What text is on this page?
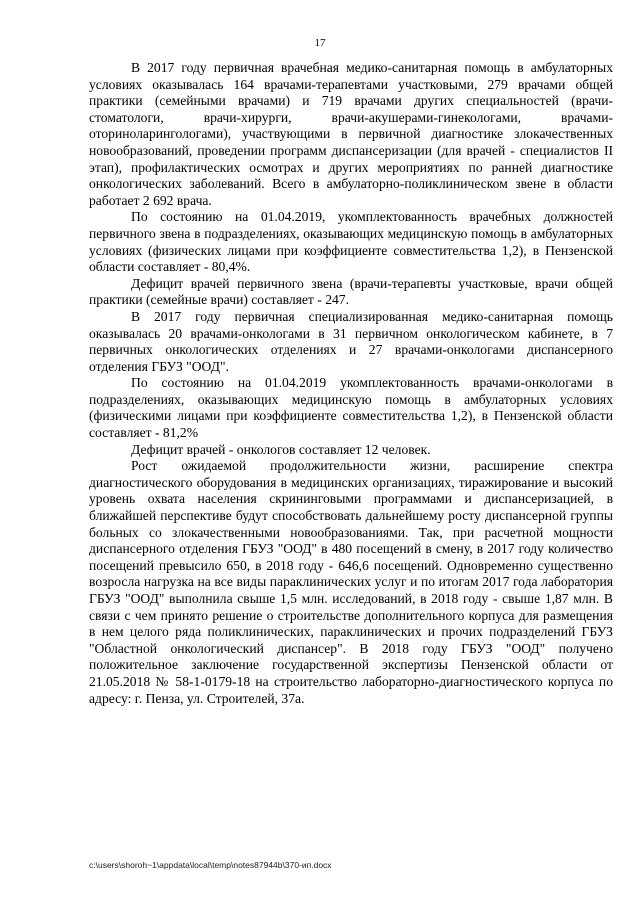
17

В 2017 году первичная врачебная медико-санитарная помощь в амбулаторных условиях оказывалась 164 врачами-терапевтами участковыми, 279 врачами общей практики (семейными врачами) и 719 врачами других специальностей (врачи-стоматологи, врачи-хирурги, врачи-акушерами-гинекологами, врачами- оториноларингологами), участвующими в первичной диагностике злокачественных новообразований, проведении программ диспансеризации (для врачей - специалистов II этап), профилактических осмотрах и других мероприятиях по ранней диагностике онкологических заболеваний. Всего в амбулаторно-поликлиническом звене в области работает 2 692 врача.

По состоянию на 01.04.2019, укомплектованность врачебных должностей первичного звена в подразделениях, оказывающих медицинскую помощь в амбулаторных условиях (физических лицами при коэффициенте совместительства 1,2), в Пензенской области составляет - 80,4%.

Дефицит врачей первичного звена (врачи-терапевты участковые, врачи общей практики (семейные врачи) составляет - 247.

В 2017 году первичная специализированная медико-санитарная помощь оказывалась 20 врачами-онкологами в 31 первичном онкологическом кабинете, в 7 первичных онкологических отделениях и 27 врачами-онкологами диспансерного отделения ГБУЗ "ООД".

По состоянию на 01.04.2019 укомплектованность врачами-онкологами в подразделениях, оказывающих медицинскую помощь в амбулаторных условиях (физическими лицами при коэффициенте совместительства 1,2), в Пензенской области составляет - 81,2%

Дефицит врачей - онкологов составляет 12 человек.

Рост ожидаемой продолжительности жизни, расширение спектра диагностического оборудования в медицинских организациях, тиражирование и высокий уровень охвата населения скрининговыми программами и диспансеризацией, в ближайшей перспективе будут способствовать дальнейшему росту диспансерной группы больных со злокачественными новообразованиями. Так, при расчетной мощности диспансерного отделения ГБУЗ "ООД" в 480 посещений в смену, в 2017 году количество посещений превысило 650, в 2018 году - 646,6 посещений. Одновременно существенно возросла нагрузка на все виды параклинических услуг и по итогам 2017 года лаборатория ГБУЗ "ООД" выполнила свыше 1,5 млн. исследований, в 2018 году - свыше 1,87 млн. В связи с чем принято решение о строительстве дополнительного корпуса для размещения в нем целого ряда поликлинических, параклинических и прочих подразделений ГБУЗ "Областной онкологический диспансер". В 2018 году ГБУЗ "ООД" получено положительное заключение государственной экспертизы Пензенской области от 21.05.2018 № 58-1-0179-18 на строительство лабораторно-диагностического корпуса по адресу: г. Пенза, ул. Строителей, 37а.

c:\users\shoroh~1\appdata\local\temp\notes87944b\370-ип.docx
